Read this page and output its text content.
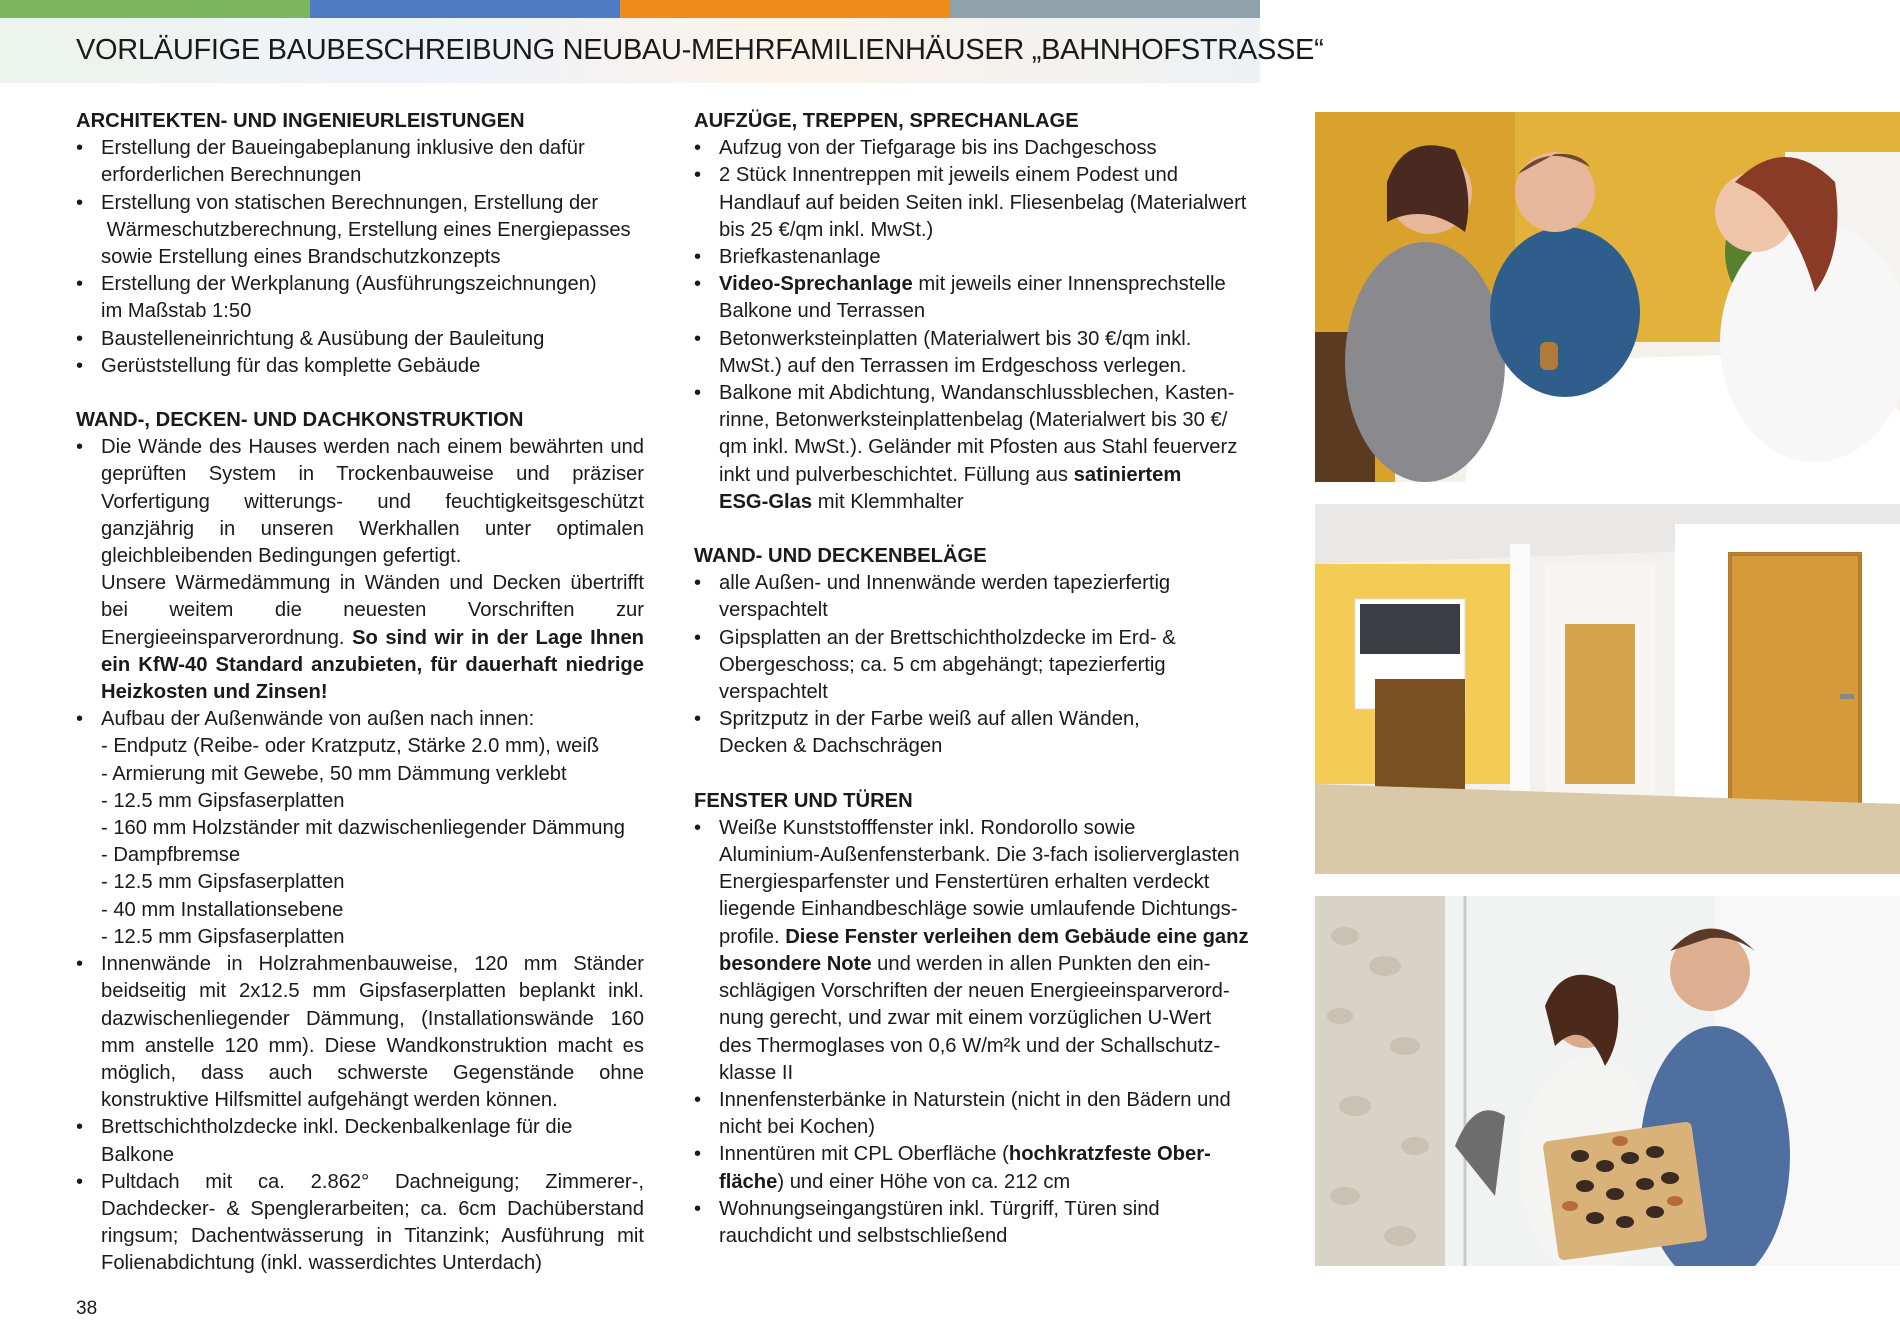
VORLÄUFIGE BAUBESCHREIBUNG NEUBAU-MEHRFAMILIENHÄUSER „BAHNHOFSTRASSE“
ARCHITEKTEN- UND INGENIEURLEISTUNGEN
• Erstellung der Baueingabeplanung inklusive den dafür
erforderlichen Berechnungen
• Erstellung von statischen Berechnungen, Erstellung der
Wärmeschutzberechnung, Erstellung eines Energiepasses
sowie Erstellung eines Brandschutzkonzepts
• Erstellung der Werkplanung (Ausführungszeichnungen)
im Maßstab 1:50
• Baustelleneinrichtung & Ausübung der Bauleitung
• Gerüststellung für das komplette Gebäude
WAND-, DECKEN- UND DACHKONSTRUKTION
• Die Wände des Hauses werden nach einem bewährten und geprüften System in Trockenbauweise und präziser Vorfertigung witterungs- und feuchtigkeitsgeschützt ganzjährig in unseren Werkhallen unter optimalen gleichbleibenden Bedingungen gefertigt.
Unsere Wärmedämmung in Wänden und Decken übertrifft bei weitem die neuesten Vorschriften zur Energieeinsparverordnung. So sind wir in der Lage Ihnen ein KfW-40 Standard anzubieten, für dauerhaft niedrige Heizkosten und Zinsen!
• Aufbau der Außenwände von außen nach innen:
- Endputz (Reibe- oder Kratzputz, Stärke 2.0 mm), weiß
- Armierung mit Gewebe, 50 mm Dämmung verklebt
- 12.5 mm Gipsfaserplatten
- 160 mm Holzständer mit dazwischenliegender Dämmung
- Dampfbremse
- 12.5 mm Gipsfaserplatten
- 40 mm Installationsebene
- 12.5 mm Gipsfaserplatten
• Innenwände in Holzrahmenbauweise, 120 mm Ständer beidseitig mit 2x12.5 mm Gipsfaserplatten beplankt inkl. dazwischenliegender Dämmung, (Installationswände 160 mm anstelle 120 mm). Diese Wandkonstruktion macht es möglich, dass auch schwerste Gegenstände ohne konstruktive Hilfsmittel aufgehängt werden können.
• Brettschichtholzdecke inkl. Deckenbalkenlage für die
Balkone
• Pultdach mit ca. 2.862° Dachneigung; Zimmerer-, Dachdecker- & Spenglerarbeiten; ca. 6cm Dachüberstand ringsum; Dachentwässerung in Titanzink; Ausführung mit Folienabdichtung (inkl. wasserdichtes Unterdach)
AUFZÜGE, TREPPEN, SPRECHANLAGE
• Aufzug von der Tiefgarage bis ins Dachgeschoss
• 2 Stück Innentreppen mit jeweils einem Podest und
Handlauf auf beiden Seiten inkl. Fliesenbelag (Materialwert
bis 25 €/qm inkl. MwSt.)
• Briefkastenanlage
• Video-Sprechanlage mit jeweils einer Innensprechstelle
Balkone und Terrassen
• Betonwerksteinplatten (Materialwert bis 30 €/qm inkl.
MwSt.) auf den Terrassen im Erdgeschoss verlegen.
• Balkone mit Abdichtung, Wandanschlussblechen, Kasten-
rinne, Betonwerksteinplattenbelag (Materialwert bis 30 €/
qm inkl. MwSt.). Geländer mit Pfosten aus Stahl feuerverz
inkt und pulverbeschichtet. Füllung aus satiniertem
ESG-Glas mit Klemmhalter
WAND- UND DECKENBELÄGE
• alle Außen- und Innenwände werden tapezierfertig
verspachtelt
• Gipsplatten an der Brettschichtholzdecke im Erd- &
Obergeschoss; ca. 5 cm abgehängt; tapezierfertig
verspachtelt
• Spritzputz in der Farbe weiß auf allen Wänden,
Decken & Dachschrägen
FENSTER UND TÜREN
• Weiße Kunststofffenster inkl. Rondorollo sowie
Aluminium-Außenfensterbank. Die 3-fach isolierverglasten
Energiesparfenster und Fenstertüren erhalten verdeckt
liegende Einhandbeschläge sowie umlaufende Dichtungs-
profile. Diese Fenster verleihen dem Gebäude eine ganz
besondere Note und werden in allen Punkten den ein-
schlägigen Vorschriften der neuen Energieeinsparverord-
nung gerecht, und zwar mit einem vorzüglichen U-Wert
des Thermoglases von 0,6 W/m²k und der Schallschutz-
klasse II
• Innenfensterbänke in Naturstein (nicht in den Bädern und
nicht bei Kochen)
• Innentüren mit CPL Oberfläche (hochkratzfeste Ober-
fläche) und einer Höhe von ca. 212 cm
• Wohnungseingangstüren inkl. Türgriff, Türen sind
rauchdicht und selbstschließend
38
